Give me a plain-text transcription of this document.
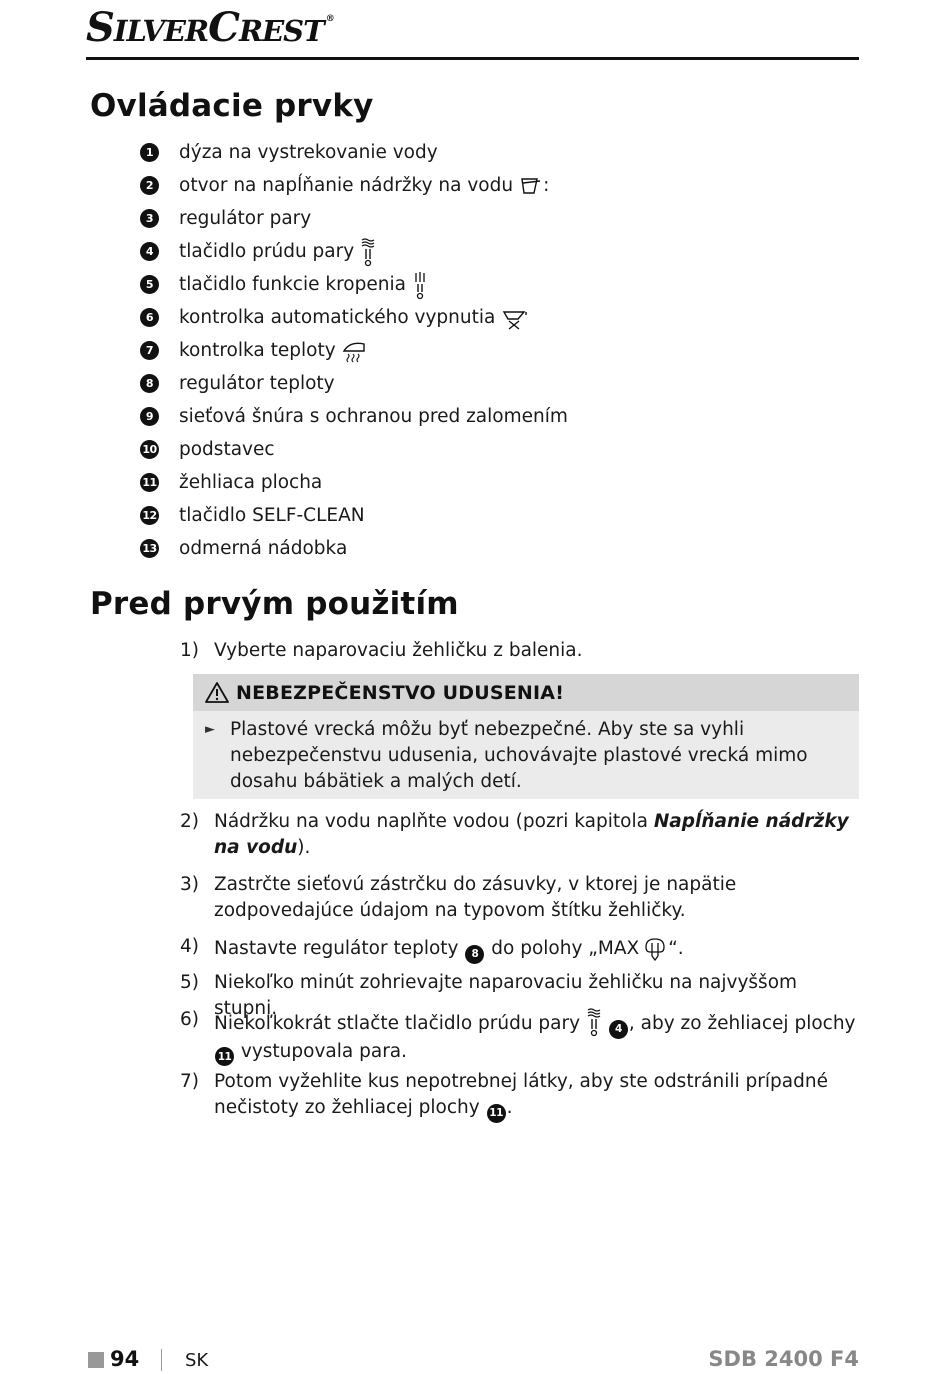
SILVERCREST ®
Ovládacie prvky
1	dýza na vystrekovanie vody
2	otvor na napĺňanie nádržky na vodu :
3	regulátor pary
4	tlačidlo prúdu pary
5	tlačidlo funkcie kropenia
6	kontrolka automatického vypnutia
7	kontrolka teploty
8	regulátor teploty
9	sieťová šnúra s ochranou pred zalomením
10 podstavec
11 žehliaca plocha
12 tlačidlo SELF-CLEAN
13 odmerná nádobka
Pred prvým použitím
1) Vyberte naparovaciu žehličku z balenia.
NEBEZPEČENSTVO UDUSENIA!
► Plastové vrecká môžu byť nebezpečné. Aby ste sa vyhli nebezpečenstvu udusenia, uchovávajte plastové vrecká mimo dosahu bábätiek a malých detí.
2) Nádržku na vodu naplňte vodou (pozri kapitola Napĺňanie nádržky na vodu).
3) Zastrčte sieťovú zástrčku do zásuvky, v ktorej je napätie zodpovedajúce údajom na typovom štítku žehličky.
4) Nastavte regulátor teploty 8 do polohy „MAX “.
5) Niekoľko minút zohrievajte naparovaciu žehličku na najvyššom stupni.
6) Niekoľkokrát stlačte tlačidlo prúdu pary	4 , aby zo žehliacej plochy 11 vystupovala para.
7) Potom vyžehlite kus nepotrebnej látky, aby ste odstránili prípadné nečistoty zo žehliacej plochy 11 .
94	SK	SDB 2400 F4
